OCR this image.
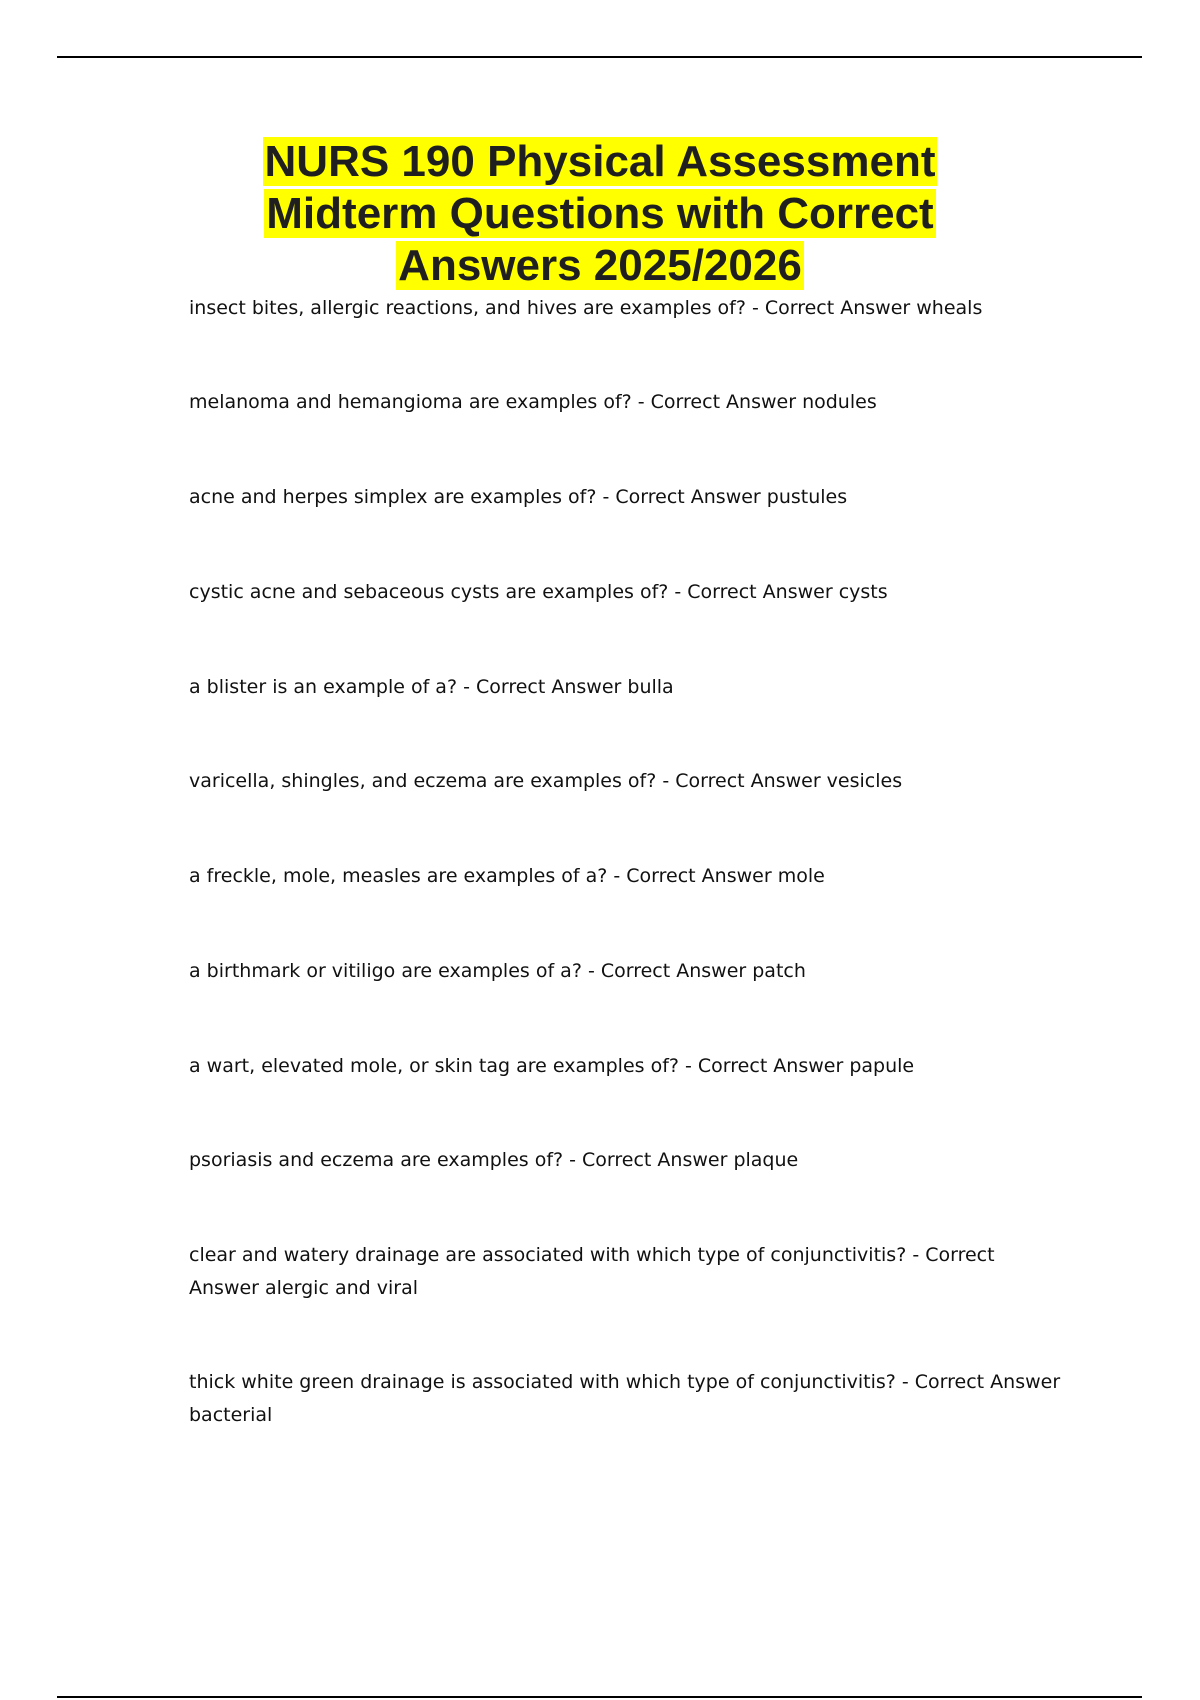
NURS 190 Physical Assessment
Midterm Questions with Correct
Answers 2025/2026
insect bites, allergic reactions, and hives are examples of? - Correct Answer wheals
melanoma and hemangioma are examples of? - Correct Answer nodules
acne and herpes simplex are examples of? - Correct Answer pustules
cystic acne and sebaceous cysts are examples of? - Correct Answer cysts
a blister is an example of a? - Correct Answer bulla
varicella, shingles, and eczema are examples of? - Correct Answer vesicles
a freckle, mole, measles are examples of a? - Correct Answer mole
a birthmark or vitiligo are examples of a? - Correct Answer patch
a wart, elevated mole, or skin tag are examples of? - Correct Answer papule
psoriasis and eczema are examples of? - Correct Answer plaque
clear and watery drainage are associated with which type of conjunctivitis? - Correct Answer alergic and viral
thick white green drainage is associated with which type of conjunctivitis? - Correct Answer bacterial
